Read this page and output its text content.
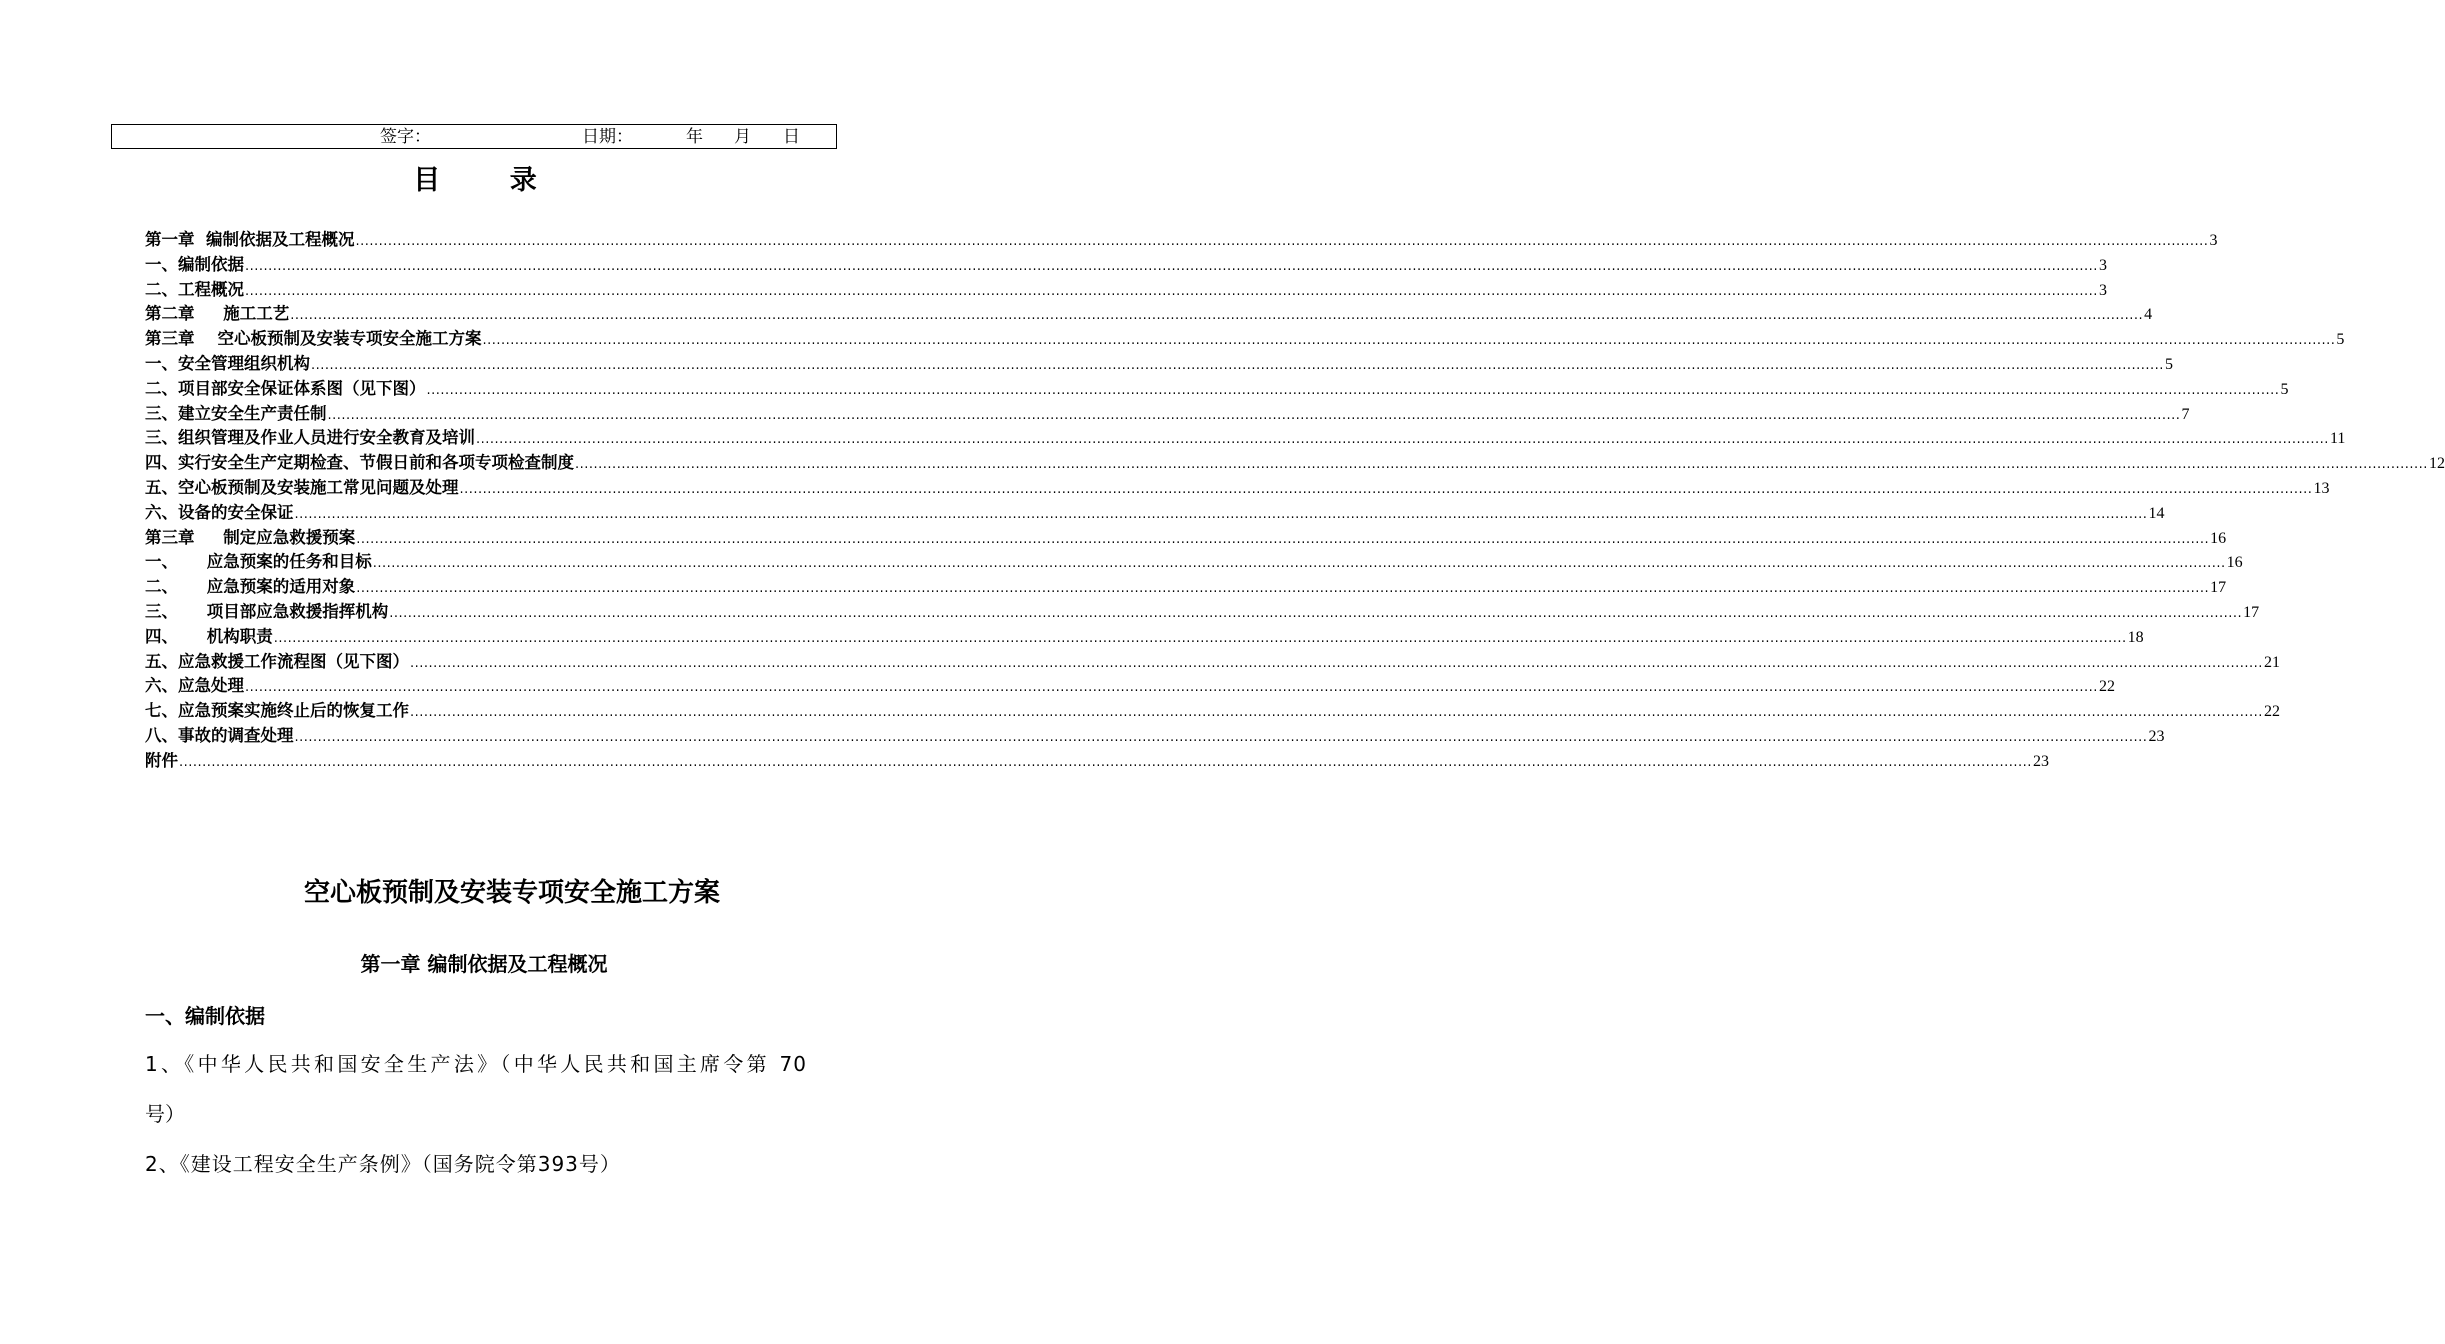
签字：	日期：	年 月 日
目 录
第一章  编制依据及工程概况 ................................................................................................................................................................................................................................................................................................................................................................................................................ 3
一、编制依据 ................................................................................................................................................................................................................................................................................................................................................................................................................ 3
二、工程概况 ................................................................................................................................................................................................................................................................................................................................................................................................................ 3
第二章     施工工艺 ................................................................................................................................................................................................................................................................................................................................................................................................................ 4
第三章    空心板预制及安装专项安全施工方案 ................................................................................................................................................................................................................................................................................................................................................................................................................ 5
一、安全管理组织机构 ................................................................................................................................................................................................................................................................................................................................................................................................................ 5
二、项目部安全保证体系图（见下图） ................................................................................................................................................................................................................................................................................................................................................................................................................ 5
三、建立安全生产责任制 ................................................................................................................................................................................................................................................................................................................................................................................................................ 7
三、组织管理及作业人员进行安全教育及培训 ................................................................................................................................................................................................................................................................................................................................................................................................................ 11
四、实行安全生产定期检查、节假日前和各项专项检查制度 ................................................................................................................................................................................................................................................................................................................................................................................................................ 12
五、空心板预制及安装施工常见问题及处理 ................................................................................................................................................................................................................................................................................................................................................................................................................ 13
六、设备的安全保证 ................................................................................................................................................................................................................................................................................................................................................................................................................ 14
第三章     制定应急救援预案 ................................................................................................................................................................................................................................................................................................................................................................................................................ 16
一、     应急预案的任务和目标 ................................................................................................................................................................................................................................................................................................................................................................................................................ 16
二、     应急预案的适用对象 ................................................................................................................................................................................................................................................................................................................................................................................................................ 17
三、     项目部应急救援指挥机构 ................................................................................................................................................................................................................................................................................................................................................................................................................ 17
四、     机构职责 ................................................................................................................................................................................................................................................................................................................................................................................................................ 18
五、应急救援工作流程图（见下图） ................................................................................................................................................................................................................................................................................................................................................................................................................ 21
六、应急处理 ................................................................................................................................................................................................................................................................................................................................................................................................................ 22
七、应急预案实施终止后的恢复工作 ................................................................................................................................................................................................................................................................................................................................................................................................................ 22
八、事故的调查处理 ................................................................................................................................................................................................................................................................................................................................................................................................................ 23
附件 ................................................................................................................................................................................................................................................................................................................................................................................................................ 23
空心板预制及安装专项安全施工方案
第一章 编制依据及工程概况
一、编制依据
1、《中华人民共和国安全生产法》（中华人民共和国主席令第 70
号）
2、《建设工程安全生产条例》（国务院令第393号）
